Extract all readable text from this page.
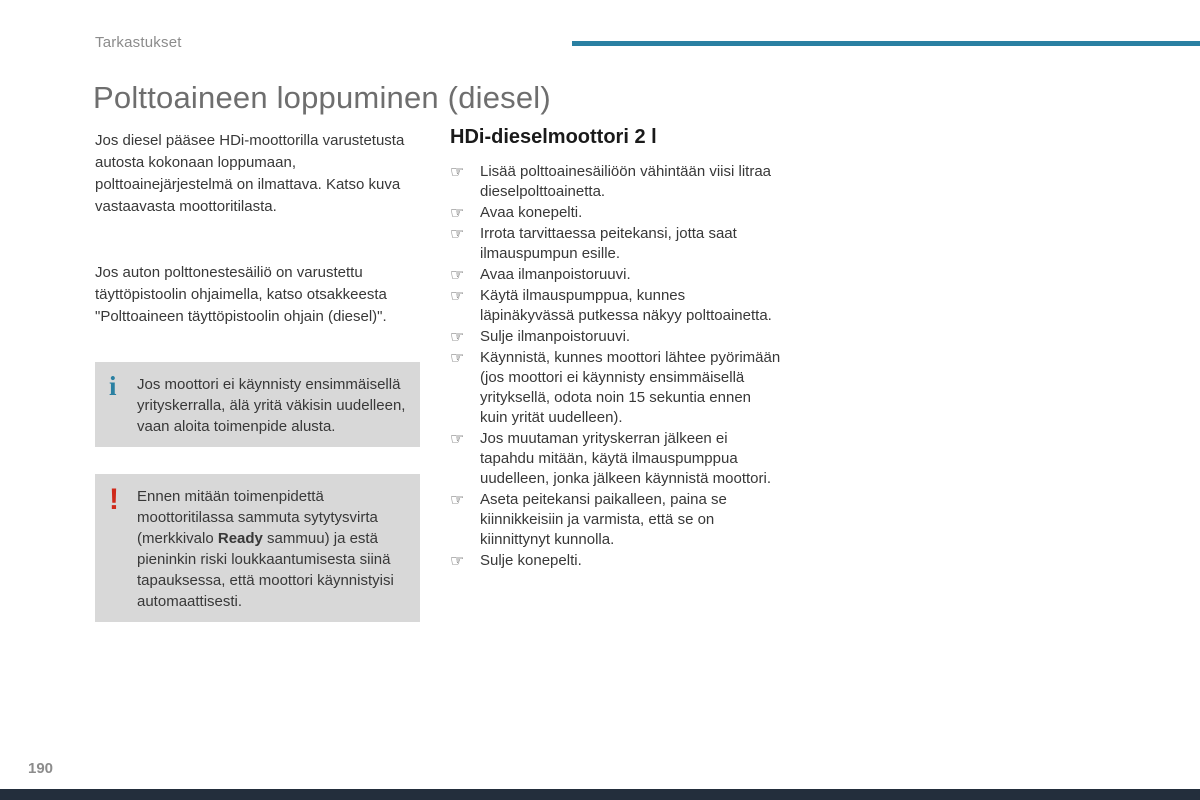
Tarkastukset
Polttoaineen loppuminen (diesel)

Jos diesel pääsee HDi-moottorilla varustetusta autosta kokonaan loppumaan, polttoainejärjestelmä on ilmattava. Katso kuva vastaavasta moottoritilasta.

Jos auton polttonestesäiliö on varustettu täyttöpistoolin ohjaimella, katso otsakkeesta "Polttoaineen täyttöpistoolin ohjain (diesel)".

i	Jos moottori ei käynnisty ensimmäisellä yrityskerralla, älä yritä väkisin uudelleen, vaan aloita toimenpide alusta.
!	Ennen mitään toimenpidettä moottoritilassa sammuta sytytysvirta (merkkivalo Ready sammuu) ja estä pieninkin riski loukkaantumisesta siinä tapauksessa, että moottori käynnistyisi automaattisesti.
HDi-dieselmoottori 2 l
☞	Lisää polttoainesäiliöön vähintään viisi litraa dieselpolttoainetta.
☞	Avaa konepelti.
☞	Irrota tarvittaessa peitekansi, jotta saat ilmauspumpun esille.
☞	Avaa ilmanpoistoruuvi.
☞	Käytä ilmauspumppua, kunnes läpinäkyvässä putkessa näkyy polttoainetta.
☞	Sulje ilmanpoistoruuvi.
☞	Käynnistä, kunnes moottori lähtee pyörimään (jos moottori ei käynnisty ensimmäisellä yrityksellä, odota noin 15 sekuntia ennen kuin yrität uudelleen).
☞	Jos muutaman yrityskerran jälkeen ei tapahdu mitään, käytä ilmauspumppua uudelleen, jonka jälkeen käynnistä moottori.
☞	Aseta peitekansi paikalleen, paina se kiinnikkeisiin ja varmista, että se on kiinnittynyt kunnolla.
☞	Sulje konepelti.
190
